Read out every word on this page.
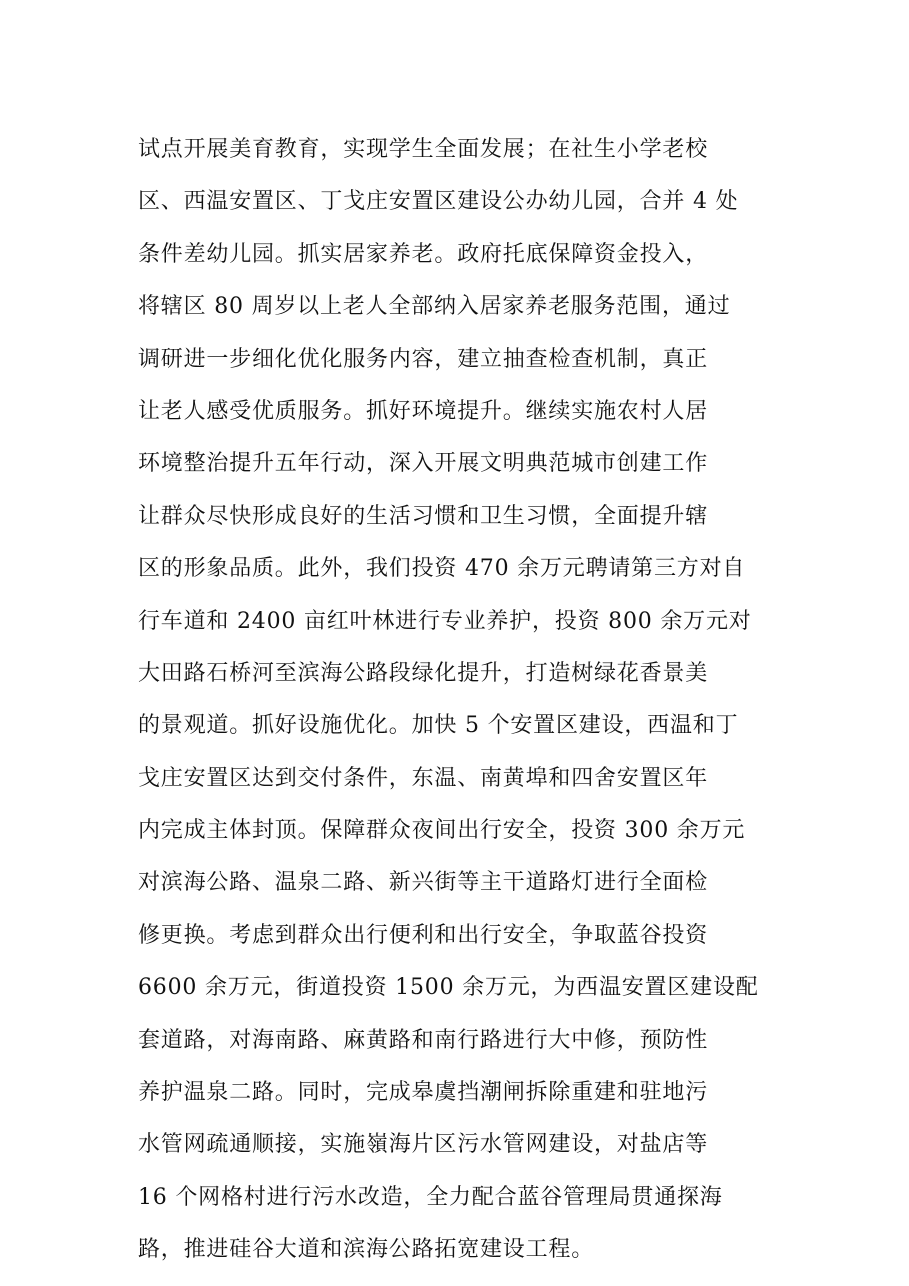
试点开展美育教育，实现学生全面发展；在社生小学老校
区、西温安置区、丁戈庄安置区建设公办幼儿园，合并 4 处
条件差幼儿园。抓实居家养老。政府托底保障资金投入，
将辖区 80 周岁以上老人全部纳入居家养老服务范围，通过
调研进一步细化优化服务内容，建立抽查检查机制，真正
让老人感受优质服务。抓好环境提升。继续实施农村人居
环境整治提升五年行动，深入开展文明典范城市创建工作
让群众尽快形成良好的生活习惯和卫生习惯，全面提升辖
区的形象品质。此外，我们投资 470 余万元聘请第三方对自
行车道和 2400 亩红叶林进行专业养护，投资 800 余万元对
大田路石桥河至滨海公路段绿化提升，打造树绿花香景美
的景观道。抓好设施优化。加快 5 个安置区建设，西温和丁
戈庄安置区达到交付条件，东温、南黄埠和四舍安置区年
内完成主体封顶。保障群众夜间出行安全，投资 300 余万元
对滨海公路、温泉二路、新兴街等主干道路灯进行全面检
修更换。考虑到群众出行便利和出行安全，争取蓝谷投资
6600 余万元，街道投资 1500 余万元，为西温安置区建设配
套道路，对海南路、麻黄路和南行路进行大中修，预防性
养护温泉二路。同时，完成皋虞挡潮闸拆除重建和驻地污
水管网疏通顺接，实施嶺海片区污水管网建设，对盐店等
16 个网格村进行污水改造，全力配合蓝谷管理局贯通探海
路，推进硅谷大道和滨海公路拓宽建设工程。
